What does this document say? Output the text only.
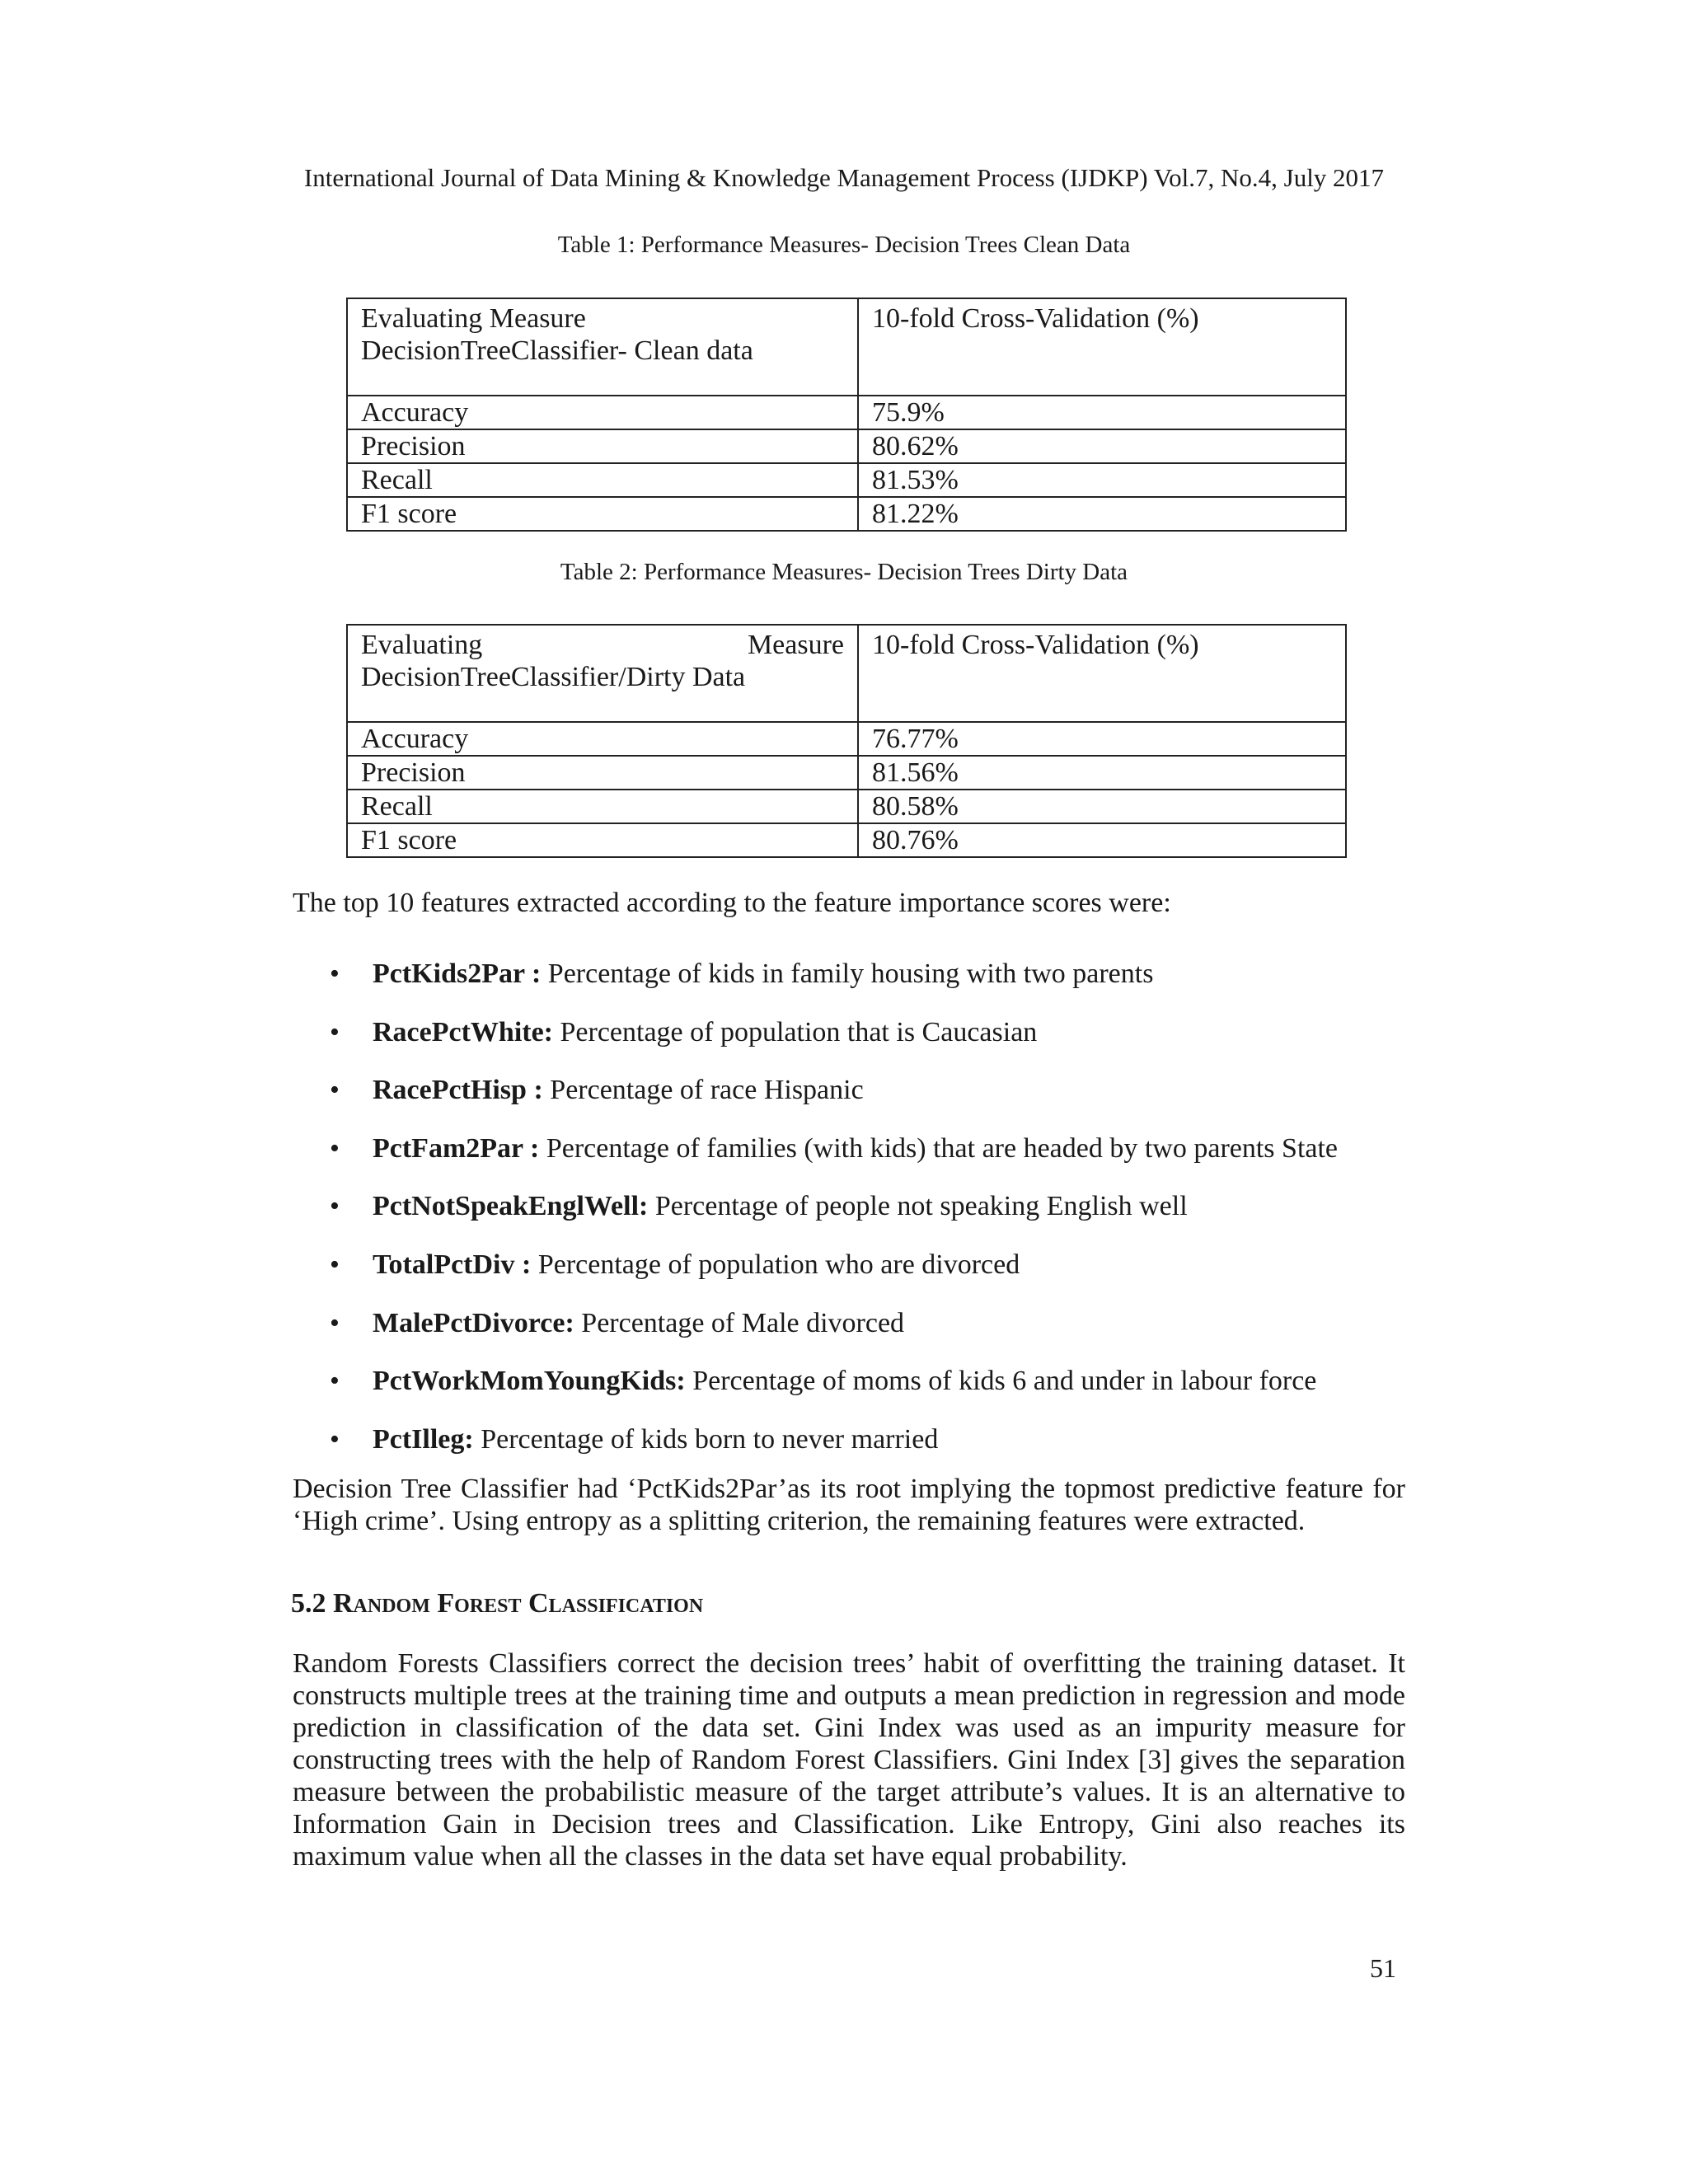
International Journal of Data Mining & Knowledge Management Process (IJDKP) Vol.7, No.4, July 2017
Table 1: Performance Measures- Decision Trees Clean Data
Evaluating Measure
DecisionTreeClassifier- Clean data	10-fold Cross-Validation (%)
Accuracy	75.9%
Precision	80.62%
Recall	81.53%
F1 score	81.22%
Table 2: Performance Measures- Decision Trees Dirty Data
Evaluating Measure
DecisionTreeClassifier/Dirty Data	10-fold Cross-Validation (%)
Accuracy	76.77%
Precision	81.56%
Recall	80.58%
F1 score	80.76%
The top 10 features extracted according to the feature importance scores were:
• PctKids2Par : Percentage of kids in family housing with two parents
• RacePctWhite: Percentage of population that is Caucasian
• RacePctHisp : Percentage of race Hispanic
• PctFam2Par : Percentage of families (with kids) that are headed by two parents State
• PctNotSpeakEnglWell: Percentage of people not speaking English well
• TotalPctDiv : Percentage of population who are divorced
• MalePctDivorce: Percentage of Male divorced
• PctWorkMomYoungKids: Percentage of moms of kids 6 and under in labour force
• PctIlleg: Percentage of kids born to never married
Decision Tree Classifier had ‘PctKids2Par’as its root implying the topmost predictive feature for ‘High crime’. Using entropy as a splitting criterion, the remaining features were extracted.
5.2 Random Forest Classification
Random Forests Classifiers correct the decision trees’ habit of overfitting the training dataset. It constructs multiple trees at the training time and outputs a mean prediction in regression and mode prediction in classification of the data set. Gini Index was used as an impurity measure for constructing trees with the help of Random Forest Classifiers. Gini Index [3] gives the separation measure between the probabilistic measure of the target attribute’s values. It is an alternative to Information Gain in Decision trees and Classification. Like Entropy, Gini also reaches its maximum value when all the classes in the data set have equal probability.
51
